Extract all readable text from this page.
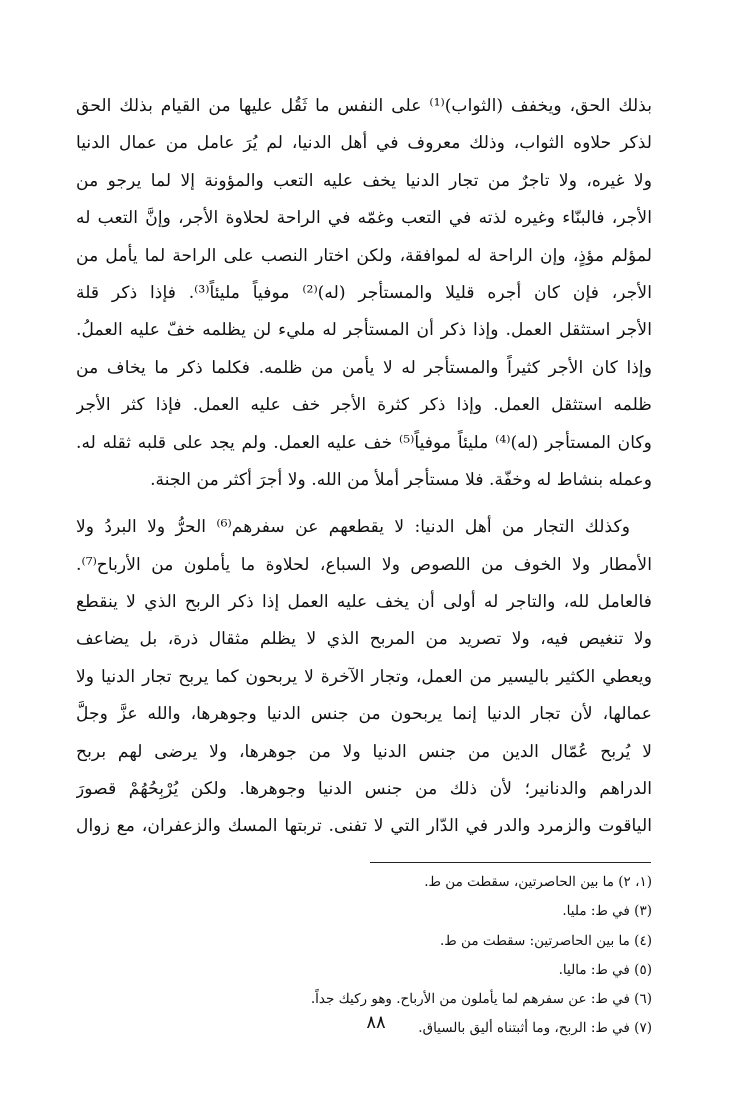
بذلك الحق، ويخفف (الثواب)⁽¹⁾ على النفس ما ثَقُل عليها من القيام بذلك الحق
لذكر حلاوه الثواب، وذلك معروف في أهل الدنيا، لم يُرَ عامل من عمال الدنيا
ولا غيره، ولا تاجرٌ من تجار الدنيا يخف عليه التعب والمؤونة إلا لما يرجو من
الأجر، فالبنّاء وغيره لذته في التعب وغمّه في الراحة لحلاوة الأجر، وإنَّ التعب له
لمؤلم مؤذٍ، وإن الراحة له لموافقة، ولكن اختار النصب على الراحة لما يأمل من
الأجر، فإن كان أجره قليلا والمستأجر (له)⁽²⁾ موفياً مليئاً⁽³⁾. فإذا ذكر قلة
الأجر استثقل العمل. وإذا ذكر أن المستأجر له مليء لن يظلمه خفّ عليه العملُ.
وإذا كان الأجر كثيراً والمستأجر له لا يأمن من ظلمه. فكلما ذكر ما يخاف من
ظلمه استثقل العمل. وإذا ذكر كثرة الأجر خف عليه العمل. فإذا كثر الأجر
وكان المستأجر (له)⁽⁴⁾ مليئاً موفياً⁽⁵⁾ خف عليه العمل. ولم يجد على قلبه ثقله له.
وعمله بنشاط له وخفّة. فلا مستأجر أملأ من الله. ولا أجرَ أكثر من الجنة.
وكذلك التجار من أهل الدنيا: لا يقطعهم عن سفرهم⁽⁶⁾ الحرُّ ولا البردُ ولا
الأمطار ولا الخوف من اللصوص ولا السباع، لحلاوة ما يأملون من الأرباح⁽⁷⁾.
فالعامل لله، والتاجر له أولى أن يخف عليه العمل إذا ذكر الربح الذي لا ينقطع
ولا تنغيص فيه، ولا تصريد من المربح الذي لا يظلم مثقال ذرة، بل يضاعف
ويعطي الكثير باليسير من العمل، وتجار الآخرة لا يربحون كما يربح تجار الدنيا ولا
عمالها، لأن تجار الدنيا إنما يربحون من جنس الدنيا وجوهرها، والله عزَّ وجلَّ
لا يُربح عُمّال الدين من جنس الدنيا ولا من جوهرها، ولا يرضى لهم بربح
الدراهم والدنانير؛ لأن ذلك من جنس الدنيا وجوهرها. ولكن يُرْبِحُهُمْ قصورَ
الياقوت والزمرد والدر في الدّار التي لا تفنى. تربتها المسك والزعفران، مع زوال
(١، ٢) ما بين الحاصرتين، سقطت من ط.
(٣) في ط: مليا.
(٤) ما بين الحاصرتين: سقطت من ط.
(٥) في ط: ماليا.
(٦) في ط: عن سفرهم لما يأملون من الأرباح. وهو ركيك جداً.
(٧) في ط: الربح، وما أثبتناه أليق بالسياق.
٨٨
